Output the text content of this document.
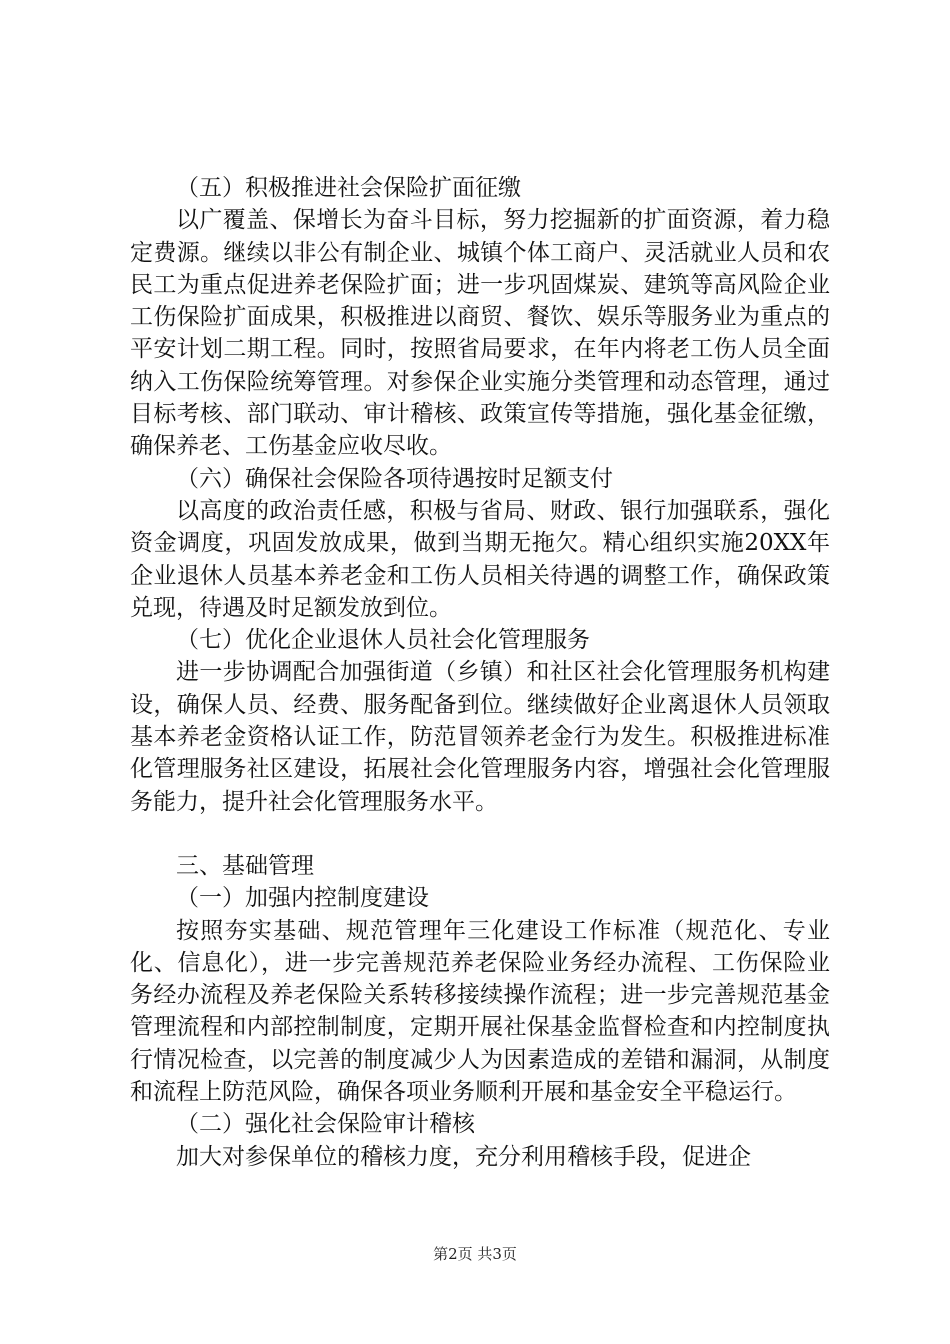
（五）积极推进社会保险扩面征缴

以广覆盖、保增长为奋斗目标，努力挖掘新的扩面资源，着力稳定费源。继续以非公有制企业、城镇个体工商户、灵活就业人员和农民工为重点促进养老保险扩面；进一步巩固煤炭、建筑等高风险企业工伤保险扩面成果，积极推进以商贸、餐饮、娱乐等服务业为重点的平安计划二期工程。同时，按照省局要求，在年内将老工伤人员全面纳入工伤保险统筹管理。对参保企业实施分类管理和动态管理，通过目标考核、部门联动、审计稽核、政策宣传等措施，强化基金征缴，确保养老、工伤基金应收尽收。

（六）确保社会保险各项待遇按时足额支付

以高度的政治责任感，积极与省局、财政、银行加强联系，强化资金调度，巩固发放成果，做到当期无拖欠。精心组织实施20XX年企业退休人员基本养老金和工伤人员相关待遇的调整工作，确保政策兑现，待遇及时足额发放到位。

（七）优化企业退休人员社会化管理服务

进一步协调配合加强街道（乡镇）和社区社会化管理服务机构建设，确保人员、经费、服务配备到位。继续做好企业离退休人员领取基本养老金资格认证工作，防范冒领养老金行为发生。积极推进标准化管理服务社区建设，拓展社会化管理服务内容，增强社会化管理服务能力，提升社会化管理服务水平。

三、基础管理

（一）加强内控制度建设

按照夯实基础、规范管理年三化建设工作标准（规范化、专业化、信息化），进一步完善规范养老保险业务经办流程、工伤保险业务经办流程及养老保险关系转移接续操作流程；进一步完善规范基金管理流程和内部控制制度，定期开展社保基金监督检查和内控制度执行情况检查，以完善的制度减少人为因素造成的差错和漏洞，从制度和流程上防范风险，确保各项业务顺利开展和基金安全平稳运行。

（二）强化社会保险审计稽核

加大对参保单位的稽核力度，充分利用稽核手段，促进企

第2页 共3页
